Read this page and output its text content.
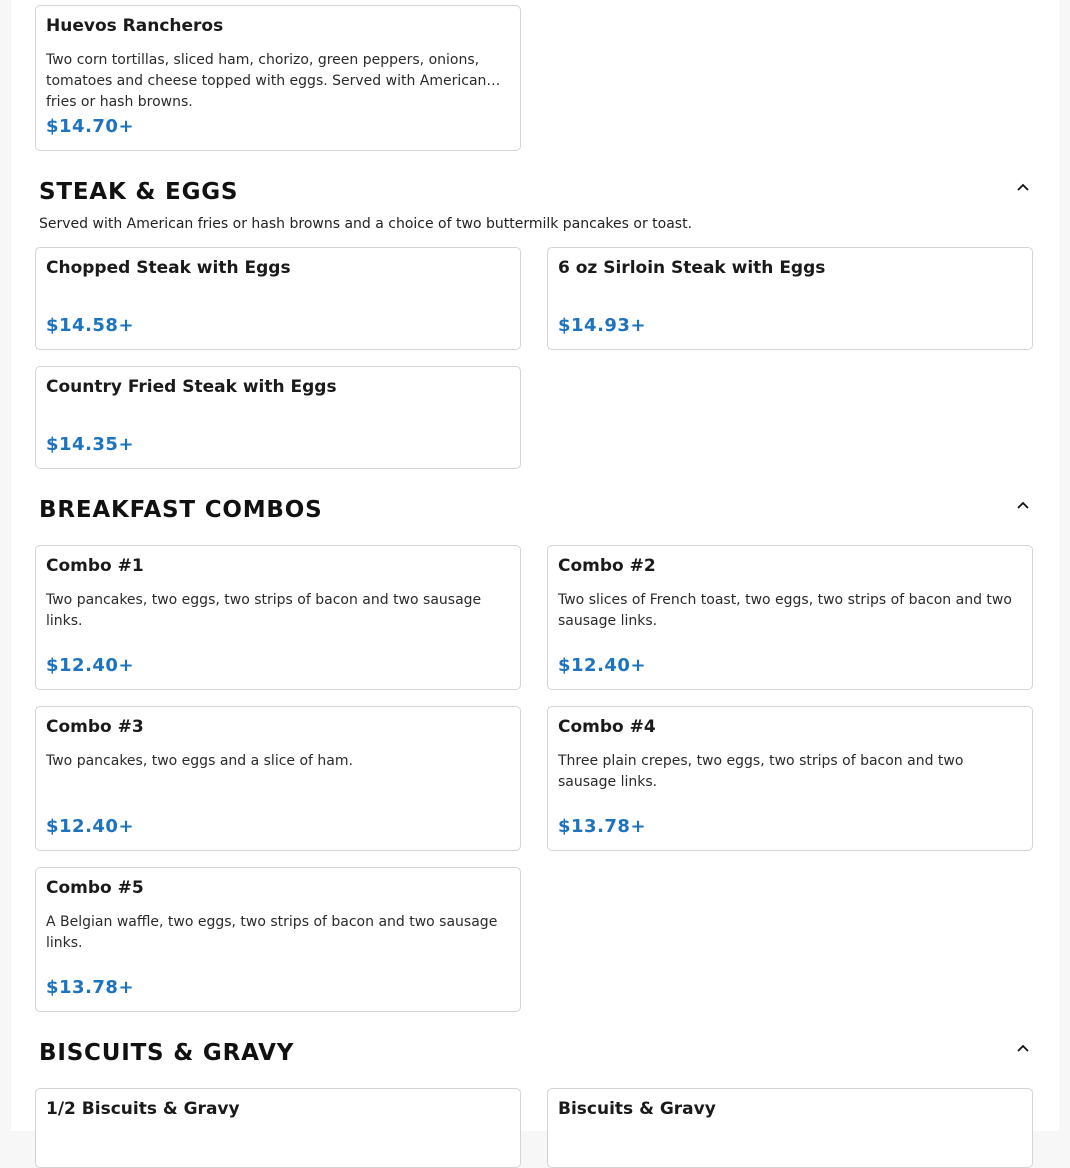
Huevos Rancheros
Two corn tortillas, sliced ham, chorizo, green peppers, onions, tomatoes and cheese topped with eggs. Served with American fries or hash browns.
$14.70+
STEAK & EGGS
Served with American fries or hash browns and a choice of two buttermilk pancakes or toast.
Chopped Steak with Eggs
$14.58+
6 oz Sirloin Steak with Eggs
$14.93+
Country Fried Steak with Eggs
$14.35+
BREAKFAST COMBOS
Combo #1
Two pancakes, two eggs, two strips of bacon and two sausage links.
$12.40+
Combo #2
Two slices of French toast, two eggs, two strips of bacon and two sausage links.
$12.40+
Combo #3
Two pancakes, two eggs and a slice of ham.
$12.40+
Combo #4
Three plain crepes, two eggs, two strips of bacon and two sausage links.
$13.78+
Combo #5
A Belgian waffle, two eggs, two strips of bacon and two sausage links.
$13.78+
BISCUITS & GRAVY
1/2 Biscuits & Gravy	Biscuits & Gravy
